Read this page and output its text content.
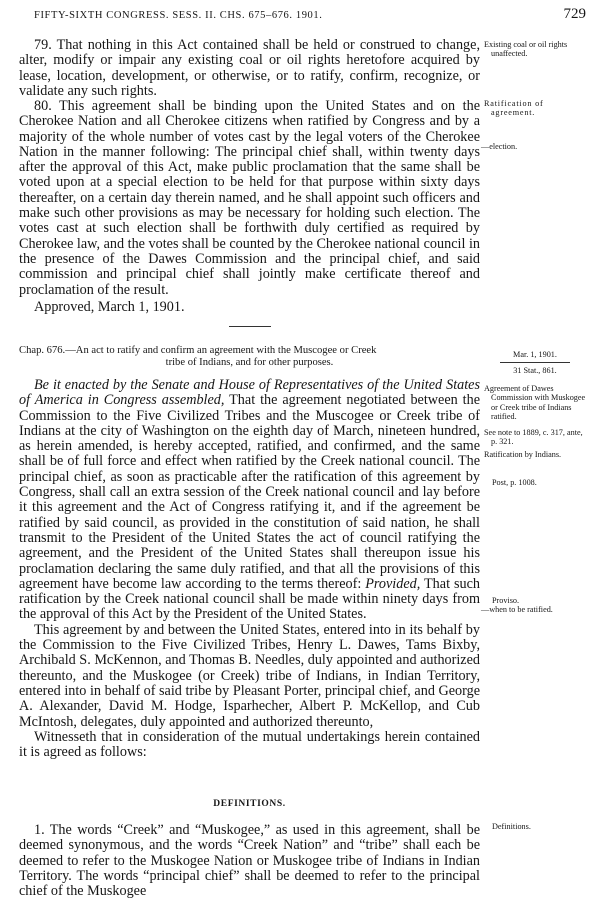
FIFTY-SIXTH CONGRESS. SESS. II. CHS. 675–676. 1901.	729

79. That nothing in this Act contained shall be held or construed to change, alter, modify or impair any existing coal or oil rights heretofore acquired by lease, location, development, or otherwise, or to ratify, confirm, recognize, or validate any such rights.

80. This agreement shall be binding upon the United States and on the Cherokee Nation and all Cherokee citizens when ratified by Congress and by a majority of the whole number of votes cast by the legal voters of the Cherokee Nation in the manner following: The principal chief shall, within twenty days after the approval of this Act, make public proclamation that the same shall be voted upon at a special election to be held for that purpose within sixty days thereafter, on a certain day therein named, and he shall appoint such officers and make such other provisions as may be necessary for holding such election. The votes cast at such election shall be forthwith duly certified as required by Cherokee law, and the votes shall be counted by the Cherokee national council in the presence of the Dawes Commission and the principal chief, and said commission and principal chief shall jointly make certificate thereof and proclamation of the result.

Approved, March 1, 1901.

Chap. 676.—An act to ratify and confirm an agreement with the Muscogee or Creek
tribe of Indians, and for other purposes.

Be it enacted by the Senate and House of Representatives of the United States of America in Congress assembled, That the agreement negotiated between the Commission to the Five Civilized Tribes and the Muscogee or Creek tribe of Indians at the city of Washington on the eighth day of March, nineteen hundred, as herein amended, is hereby accepted, ratified, and confirmed, and the same shall be of full force and effect when ratified by the Creek national council. The principal chief, as soon as practicable after the ratification of this agreement by Congress, shall call an extra session of the Creek national council and lay before it this agreement and the Act of Congress ratifying it, and if the agreement be ratified by said council, as provided in the constitution of said nation, he shall transmit to the President of the United States the act of council ratifying the agreement, and the President of the United States shall thereupon issue his proclamation declaring the same duly ratified, and that all the provisions of this agreement have become law according to the terms thereof: Provided, That such ratification by the Creek national council shall be made within ninety days from the approval of this Act by the President of the United States.

This agreement by and between the United States, entered into in its behalf by the Commission to the Five Civilized Tribes, Henry L. Dawes, Tams Bixby, Archibald S. McKennon, and Thomas B. Needles, duly appointed and authorized thereunto, and the Muskogee (or Creek) tribe of Indians, in Indian Territory, entered into in behalf of said tribe by Pleasant Porter, principal chief, and George A. Alexander, David M. Hodge, Isparhecher, Albert P. McKellop, and Cub McIntosh, delegates, duly appointed and authorized thereunto,

Witnesseth that in consideration of the mutual undertakings herein contained it is agreed as follows:

DEFINITIONS.

1. The words “Creek” and “Muskogee,” as used in this agreement, shall be deemed synonymous, and the words “Creek Nation” and “tribe” shall each be deemed to refer to the Muskogee Nation or Muskogee tribe of Indians in Indian Territory. The words “principal chief” shall be deemed to refer to the principal chief of the Muskogee

Existing coal or oil rights unaffected.

Ratification of agreement.

—election.

Mar. 1, 1901.

31 Stat., 861.

Agreement of Dawes Commission with Muskogee or Creek tribe of Indians ratified.

See note to 1889, c. 317, ante, p. 321.

Ratification by Indians.

Post, p. 1008.

Proviso.

—when to be ratified.

Definitions.
